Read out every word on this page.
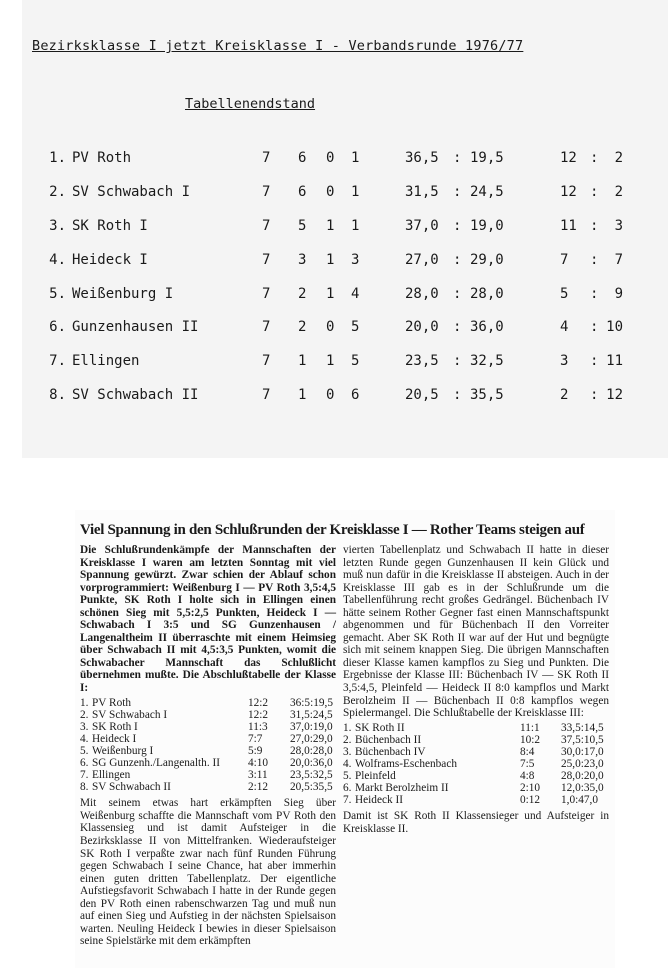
Bezirksklasse I jetzt Kreisklasse I - Verbandsrunde 1976/77
Tabellenendstand
1. PV Roth	7 6 0 1	36,5 : 19,5	12 :	2
2. SV Schwabach I	7 6 0 1	31,5 : 24,5	12 :	2
3. SK Roth I	7 5 1 1	37,0 : 19,0	11 :	3
4. Heideck I	7 3 1 3	27,0 : 29,0	7 :	7
5. Weißenburg I	7 2 1 4	28,0 : 28,0	5 :	9
6. Gunzenhausen II	7 2 0 5	20,0 : 36,0	4 : 10
7. Ellingen	7 1 1 5	23,5 : 32,5	3 : 11
8. SV Schwabach II	7 1 0 6	20,5 : 35,5	2 : 12
Viel Spannung in den Schlußrunden der Kreisklasse I — Rother Teams steigen auf

Die Schlußrundenkämpfe der Mannschaften der Kreisklasse I waren am letzten Sonntag mit viel Spannung gewürzt. Zwar schien der Ablauf schon vorprogrammiert: Weißenburg I — PV Roth 3,5:4,5 Punkte, SK Roth I holte sich in Ellingen einen schönen Sieg mit 5,5:2,5 Punkten, Heideck I — Schwabach I 3:5 und SG Gunzenhausen / Langenaltheim II überraschte mit einem Heimsieg über Schwabach II mit 4,5:3,5 Punkten, womit die Schwabacher Mannschaft das Schlußlicht übernehmen mußte. Die Abschlußtabelle der Klasse I:

1. PV Roth	12:2 36:5:19,5
2. SV Schwabach I	12:2 31,5:24,5
3. SK Roth I	11:3 37,0:19,0
4. Heideck I	7:7 27,0:29,0
5. Weißenburg I	5:9 28,0:28,0
6. SG Gunzenh./Langenalth. II 4:10 20,0:36,0
7. Ellingen	3:11 23,5:32,5
8. SV Schwabach II	2:12 20,5:35,5

Mit seinem etwas hart erkämpften Sieg über Weißenburg schaffte die Mannschaft vom PV Roth den Klassensieg und ist damit Aufsteiger in die Bezirksklasse II von Mittelfranken. Wiederaufsteiger SK Roth I verpaßte zwar nach fünf Runden Führung gegen Schwabach I seine Chance, hat aber immerhin einen guten dritten Tabellenplatz. Der eigentliche Aufstiegsfavorit Schwabach I hatte in der Runde gegen den PV Roth einen rabenschwarzen Tag und muß nun auf einen Sieg und Aufstieg in der nächsten Spielsaison warten. Neuling Heideck I bewies in dieser Spielsaison seine Spielstärke mit dem erkämpften

vierten Tabellenplatz und Schwabach II hatte in dieser letzten Runde gegen Gunzenhausen II kein Glück und muß nun dafür in die Kreisklasse II absteigen. Auch in der Kreisklasse III gab es in der Schlußrunde um die Tabellenführung recht großes Gedrängel. Büchenbach IV hätte seinem Rother Gegner fast einen Mannschaftspunkt abgenommen und für Büchenbach II den Vorreiter gemacht. Aber SK Roth II war auf der Hut und begnügte sich mit seinem knappen Sieg. Die übrigen Mannschaften dieser Klasse kamen kampflos zu Sieg und Punkten. Die Ergebnisse der Klasse III: Büchenbach IV — SK Roth II 3,5:4,5, Pleinfeld — Heideck II 8:0 kampflos und Markt Berolzheim II — Büchenbach II 0:8 kampflos wegen Spielermangel. Die Schlußtabelle der Kreisklasse III:

1. SK Roth II	11:1 33,5:14,5
2. Büchenbach II	10:2 37,5:10,5
3. Büchenbach IV	8:4 30,0:17,0
4. Wolframs-Eschenbach	7:5 25,0:23,0
5. Pleinfeld	4:8 28,0:20,0
6. Markt Berolzheim II	2:10 12,0:35,0
7. Heideck II	0:12 1,0:47,0

Damit ist SK Roth II Klassensieger und Aufsteiger in Kreisklasse II.
